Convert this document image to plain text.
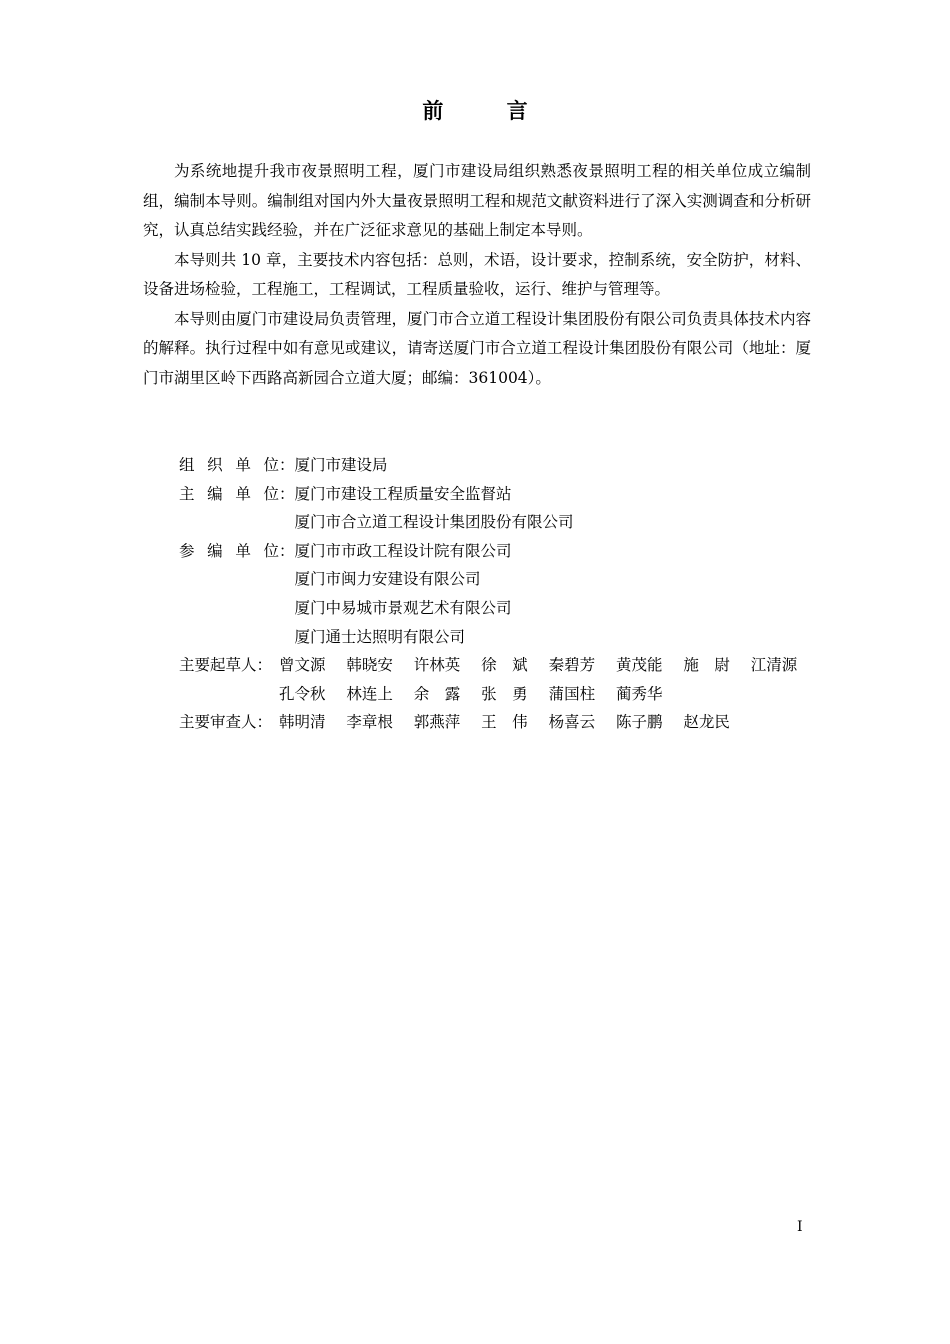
前 言

为系统地提升我市夜景照明工程，厦门市建设局组织熟悉夜景照明工程的相关单位成立编制组，编制本导则。编制组对国内外大量夜景照明工程和规范文献资料进行了深入实测调查和分析研究，认真总结实践经验，并在广泛征求意见的基础上制定本导则。

本导则共 10 章，主要技术内容包括：总则，术语，设计要求，控制系统，安全防护，材料、设备进场检验，工程施工，工程调试，工程质量验收，运行、维护与管理等。

本导则由厦门市建设局负责管理，厦门市合立道工程设计集团股份有限公司负责具体技术内容的解释。执行过程中如有意见或建议，请寄送厦门市合立道工程设计集团股份有限公司（地址：厦门市湖里区岭下西路高新园合立道大厦；邮编：361004）。

组 织 单 位 ： 厦门市建设局
主 编 单 位 ： 厦门市建设工程质量安全监督站
厦门市合立道工程设计集团股份有限公司
参 编 单 位 ： 厦门市市政工程设计院有限公司
厦门市闽力安建设有限公司
厦门中易城市景观艺术有限公司
厦门通士达照明有限公司
主要起草人： 曾文源	韩晓安	许林英	徐　斌	秦碧芳	黄茂能	施　尉	江清源
孔令秋	林连上	余　露	张　勇	蒲国柱	蔺秀华
主要审查人： 韩明清	李章根	郭燕萍	王　伟	杨喜云	陈子鹏	赵龙民
I
